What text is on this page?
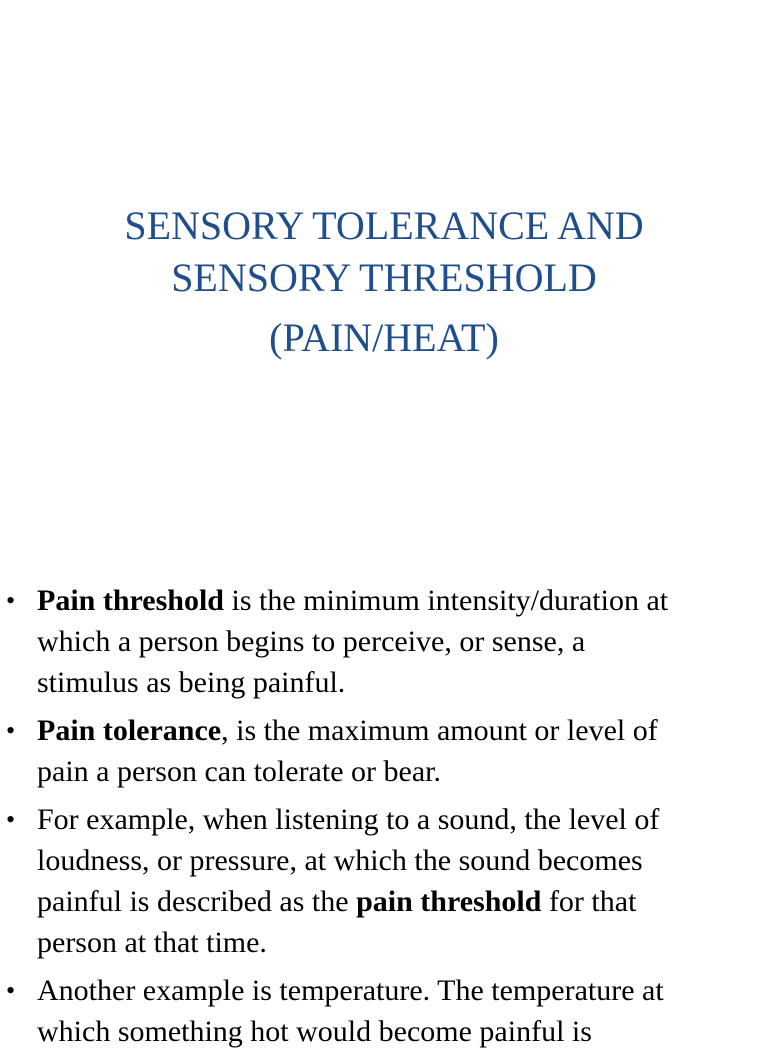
SENSORY TOLERANCE AND
SENSORY THRESHOLD
(PAIN/HEAT)
• Pain threshold is the minimum intensity/duration at
which a person begins to perceive, or sense, a
stimulus as being painful.
• Pain tolerance, is the maximum amount or level of
pain a person can tolerate or bear.
• For example, when listening to a sound, the level of
loudness, or pressure, at which the sound becomes
painful is described as the pain threshold for that
person at that time.
• Another example is temperature. The temperature at
which something hot would become painful is
